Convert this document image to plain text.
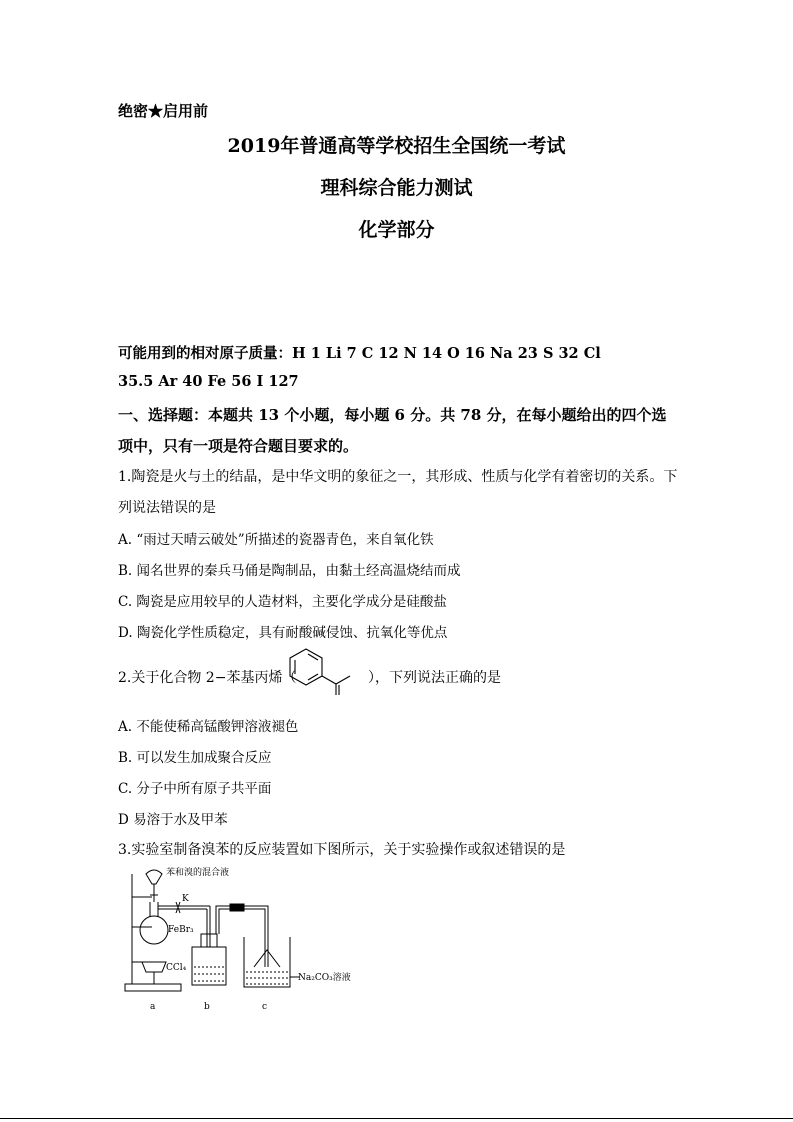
绝密★启用前
2019年普通高等学校招生全国统一考试
理科综合能力测试
化学部分
可能用到的相对原子质量：H 1 Li 7 C 12 N 14 O 16 Na 23 S 32 Cl
35.5 Ar 40 Fe 56 I 127
一、选择题：本题共 13 个小题，每小题 6 分。共 78 分，在每小题给出的四个选
项中，只有一项是符合题目要求的。
1.陶瓷是火与土的结晶，是中华文明的象征之一，其形成、性质与化学有着密切的关系。下
列说法错误的是
A. “雨过天晴云破处”所描述的瓷器青色，来自氧化铁
B. 闻名世界的秦兵马俑是陶制品，由黏土经高温烧结而成
C. 陶瓷是应用较早的人造材料，主要化学成分是硅酸盐
D. 陶瓷化学性质稳定，具有耐酸碱侵蚀、抗氧化等优点
2.关于化合物 2−苯基丙烯（	），下列说法正确的是
A. 不能使稀高锰酸钾溶液褪色
B. 可以发生加成聚合反应
C. 分子中所有原子共平面
D 易溶于水及甲苯
3.实验室制备溴苯的反应装置如下图所示，关于实验操作或叙述错误的是
苯和溴的混合液
K
FeBr₃
CCl₄
Na₂CO₃溶液
a	b	c
